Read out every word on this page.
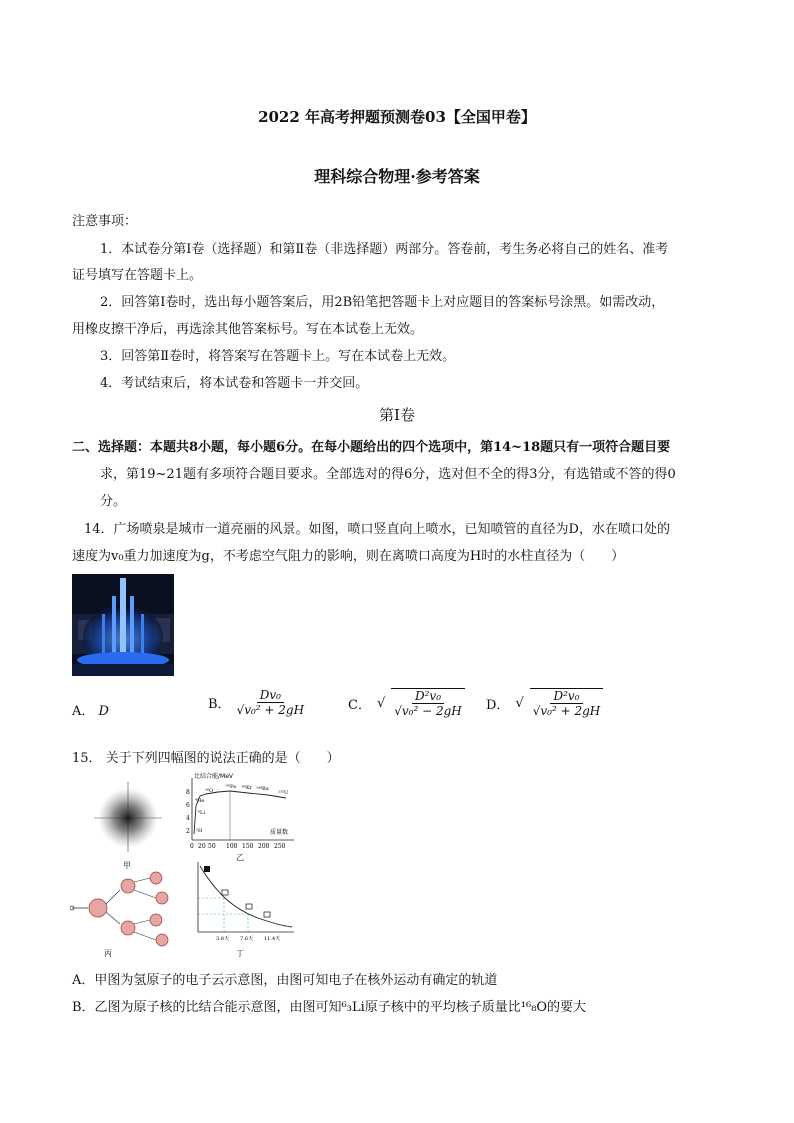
2022 年高考押题预测卷03【全国甲卷】
理科综合物理·参考答案
注意事项：
1．本试卷分第Ⅰ卷（选择题）和第Ⅱ卷（非选择题）两部分。答卷前，考生务必将自己的姓名、准考
证号填写在答题卡上。
2．回答第Ⅰ卷时，选出每小题答案后，用2B铅笔把答题卡上对应题目的答案标号涂黑。如需改动，
用橡皮擦干净后，再选涂其他答案标号。写在本试卷上无效。
3．回答第Ⅱ卷时，将答案写在答题卡上。写在本试卷上无效。
4．考试结束后，将本试卷和答题卡一并交回。
第Ⅰ卷
二、选择题：本题共8小题，每小题6分。在每小题给出的四个选项中，第14~18题只有一项符合题目要
求，第19~21题有多项符合题目要求。全部选对的得6分，选对但不全的得3分，有选错或不答的得0
分。
14．广场喷泉是城市一道亮丽的风景。如图，喷口竖直向上喷水，已知喷管的直径为D，水在喷口处的
速度为v₀重力加速度为g，不考虑空气阻力的影响，则在离喷口高度为H时的水柱直径为（　　）
A． D	B． $\frac{\text{Dv₀}}{\text{√v₀² + 2gH}}$	C． √ $\frac{\text{D²v₀}}{\text{√v₀² − 2gH}}$ D． √ $\frac{\text{D²v₀}}{\text{√v₀² + 2gH}}$
15． 关于下列四幅图的说法正确的是（　　）
甲
比结合能/MeV
质量数
8
6
4
2
0 20 50 100 150 200 250
⁴He
¹⁶O
⁵⁶Fe ⁸⁹Kr ¹⁴⁴Ba
²³⁵U
⁶Li
²H
乙
丙
3.8天 7.6天 11.4天
丁
A．甲图为氢原子的电子云示意图，由图可知电子在核外运动有确定的轨道
B．乙图为原子核的比结合能示意图，由图可知⁶₃Li原子核中的平均核子质量比¹⁶₈O的要大
